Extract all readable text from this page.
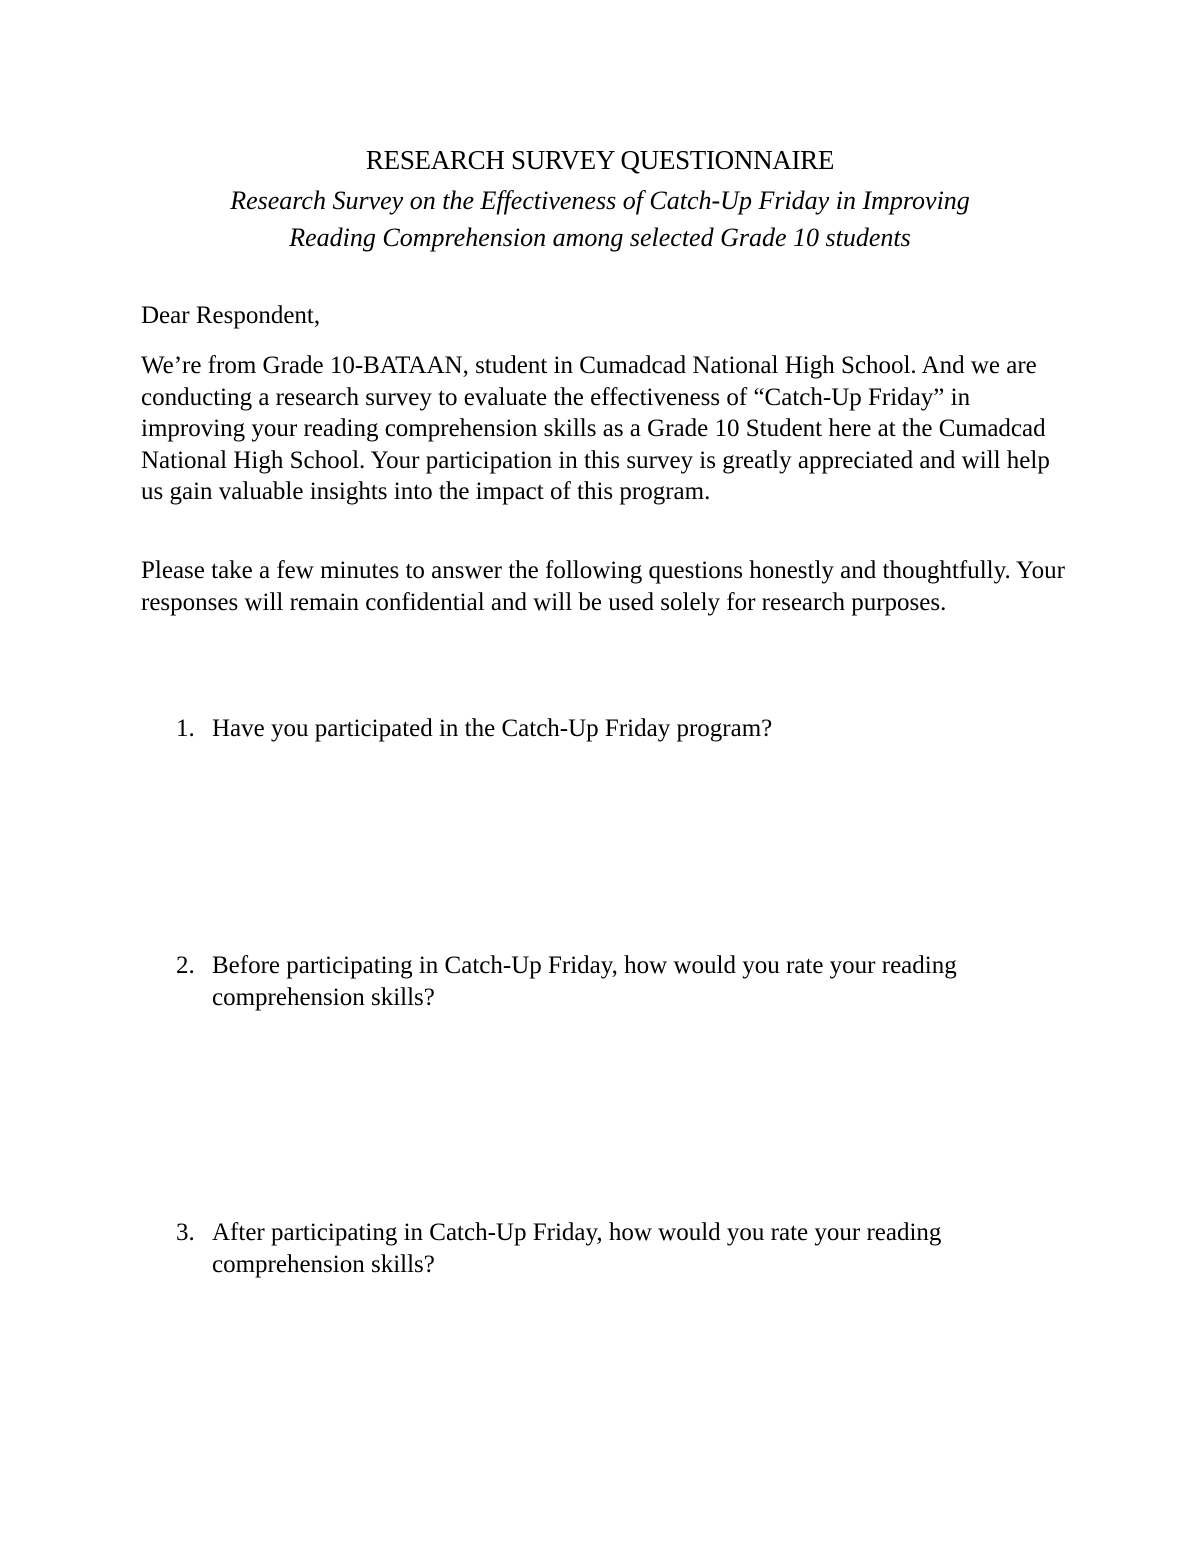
RESEARCH SURVEY QUESTIONNAIRE
Research Survey on the Effectiveness of Catch-Up Friday in Improving
Reading Comprehension among selected Grade 10 students

Dear Respondent,

We’re from Grade 10-BATAAN, student in Cumadcad National High School. And we are conducting a research survey to evaluate the effectiveness of “Catch-Up Friday” in improving your reading comprehension skills as a Grade 10 Student here at the Cumadcad National High School. Your participation in this survey is greatly appreciated and will help us gain valuable insights into the impact of this program.

Please take a few minutes to answer the following questions honestly and thoughtfully. Your responses will remain confidential and will be used solely for research purposes.

1. Have you participated in the Catch-Up Friday program?
2. Before participating in Catch-Up Friday, how would you rate your reading comprehension skills?
3. After participating in Catch-Up Friday, how would you rate your reading comprehension skills?
